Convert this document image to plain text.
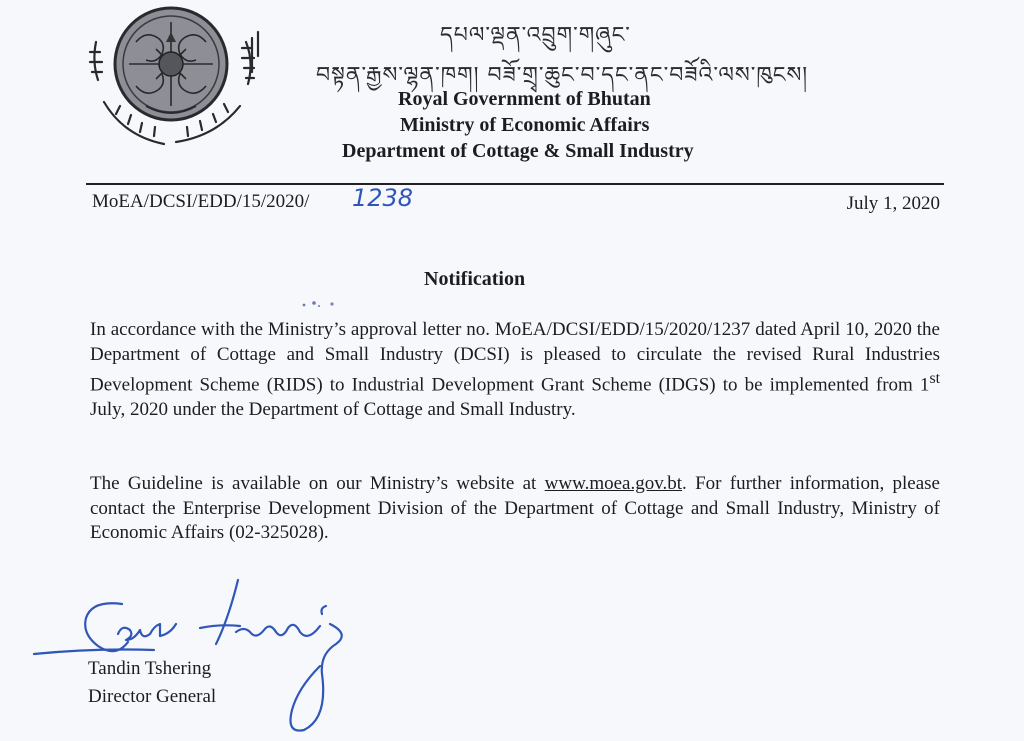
དཔལ་ལྡན་འབྲུག་གཞུང་
བསྟན་རྒྱས་ལྷན་ཁག། བཟོ་གྲྭ་ཆུང་བ་དང་ནང་བཟོའི་ལས་ཁུངས།
Royal Government of Bhutan
Ministry of Economic Affairs
Department of Cottage & Small Industry
MoEA/DCSI/EDD/15/2020/ 1238	July 1, 2020
Notification
In accordance with the Ministry’s approval letter no. MoEA/DCSI/EDD/15/2020/1237 dated April 10, 2020 the Department of Cottage and Small Industry (DCSI) is pleased to circulate the revised Rural Industries Development Scheme (RIDS) to Industrial Development Grant Scheme (IDGS) to be implemented from 1st July, 2020 under the Department of Cottage and Small Industry.
The Guideline is available on our Ministry’s website at www.moea.gov.bt. For further information, please contact the Enterprise Development Division of the Department of Cottage and Small Industry, Ministry of Economic Affairs (02-325028).
Tandin Tshering
Director General
